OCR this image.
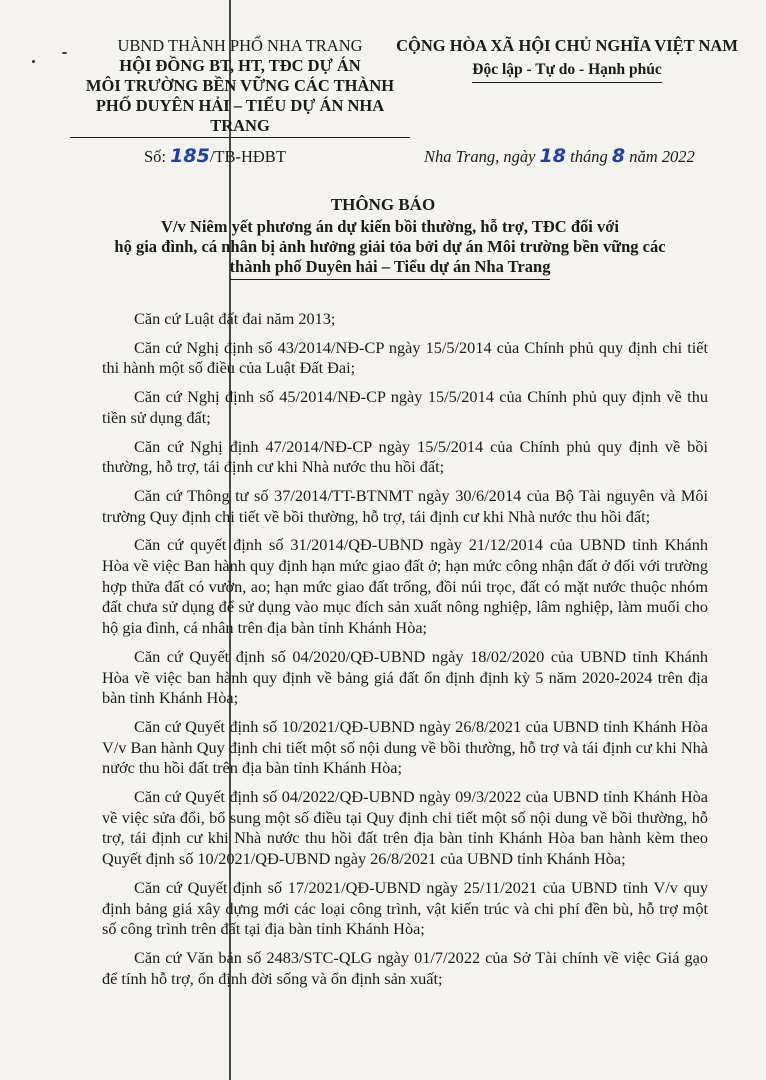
UBND THÀNH PHỐ NHA TRANG
HỘI ĐỒNG BT, HT, TĐC DỰ ÁN
MÔI TRƯỜNG BỀN VỮNG CÁC THÀNH
PHỐ DUYÊN HẢI – TIỂU DỰ ÁN NHA TRANG
CỘNG HÒA XÃ HỘI CHỦ NGHĨA VIỆT NAM
Độc lập - Tự do - Hạnh phúc
Số: 185/TB-HĐBT	Nha Trang, ngày 18 tháng 8 năm 2022
THÔNG BÁO
V/v Niêm yết phương án dự kiến bồi thường, hỗ trợ, TĐC đối với
hộ gia đình, cá nhân bị ảnh hưởng giải tỏa bởi dự án Môi trường bền vững các
thành phố Duyên hải – Tiểu dự án Nha Trang

Căn cứ Luật đất đai năm 2013;

Căn cứ Nghị định số 43/2014/NĐ-CP ngày 15/5/2014 của Chính phủ quy định chi tiết thi hành một số điều của Luật Đất Đai;

Căn cứ Nghị định số 45/2014/NĐ-CP ngày 15/5/2014 của Chính phủ quy định về thu tiền sử dụng đất;

Căn cứ Nghị định 47/2014/NĐ-CP ngày 15/5/2014 của Chính phủ quy định về bồi thường, hỗ trợ, tái định cư khi Nhà nước thu hồi đất;

Căn cứ Thông tư số 37/2014/TT-BTNMT ngày 30/6/2014 của Bộ Tài nguyên và Môi trường Quy định chi tiết về bồi thường, hỗ trợ, tái định cư khi Nhà nước thu hồi đất;

Căn cứ quyết định số 31/2014/QĐ-UBND ngày 21/12/2014 của UBND tỉnh Khánh Hòa về việc Ban hành quy định hạn mức giao đất ở; hạn mức công nhận đất ở đối với trường hợp thửa đất có vườn, ao; hạn mức giao đất trống, đồi núi trọc, đất có mặt nước thuộc nhóm đất chưa sử dụng để sử dụng vào mục đích sản xuất nông nghiệp, lâm nghiệp, làm muối cho hộ gia đình, cá nhân trên địa bàn tỉnh Khánh Hòa;

Căn cứ Quyết định số 04/2020/QĐ-UBND ngày 18/02/2020 của UBND tỉnh Khánh Hòa về việc ban hành quy định về bảng giá đất ổn định định kỳ 5 năm 2020-2024 trên địa bàn tỉnh Khánh Hòa;

Căn cứ Quyết định số 10/2021/QĐ-UBND ngày 26/8/2021 của UBND tỉnh Khánh Hòa V/v Ban hành Quy định chi tiết một số nội dung về bồi thường, hỗ trợ và tái định cư khi Nhà nước thu hồi đất trên địa bàn tỉnh Khánh Hòa;

Căn cứ Quyết định số 04/2022/QĐ-UBND ngày 09/3/2022 của UBND tỉnh Khánh Hòa về việc sửa đổi, bổ sung một số điều tại Quy định chi tiết một số nội dung về bồi thường, hỗ trợ, tái định cư khi Nhà nước thu hồi đất trên địa bàn tỉnh Khánh Hòa ban hành kèm theo Quyết định số 10/2021/QĐ-UBND ngày 26/8/2021 của UBND tỉnh Khánh Hòa;

Căn cứ Quyết định số 17/2021/QĐ-UBND ngày 25/11/2021 của UBND tỉnh V/v quy định bảng giá xây dựng mới các loại công trình, vật kiến trúc và chi phí đền bù, hỗ trợ một số công trình trên đất tại địa bàn tỉnh Khánh Hòa;

Căn cứ Văn bản số 2483/STC-QLG ngày 01/7/2022 của Sở Tài chính về việc Giá gạo để tính hỗ trợ, ổn định đời sống và ổn định sản xuất;
